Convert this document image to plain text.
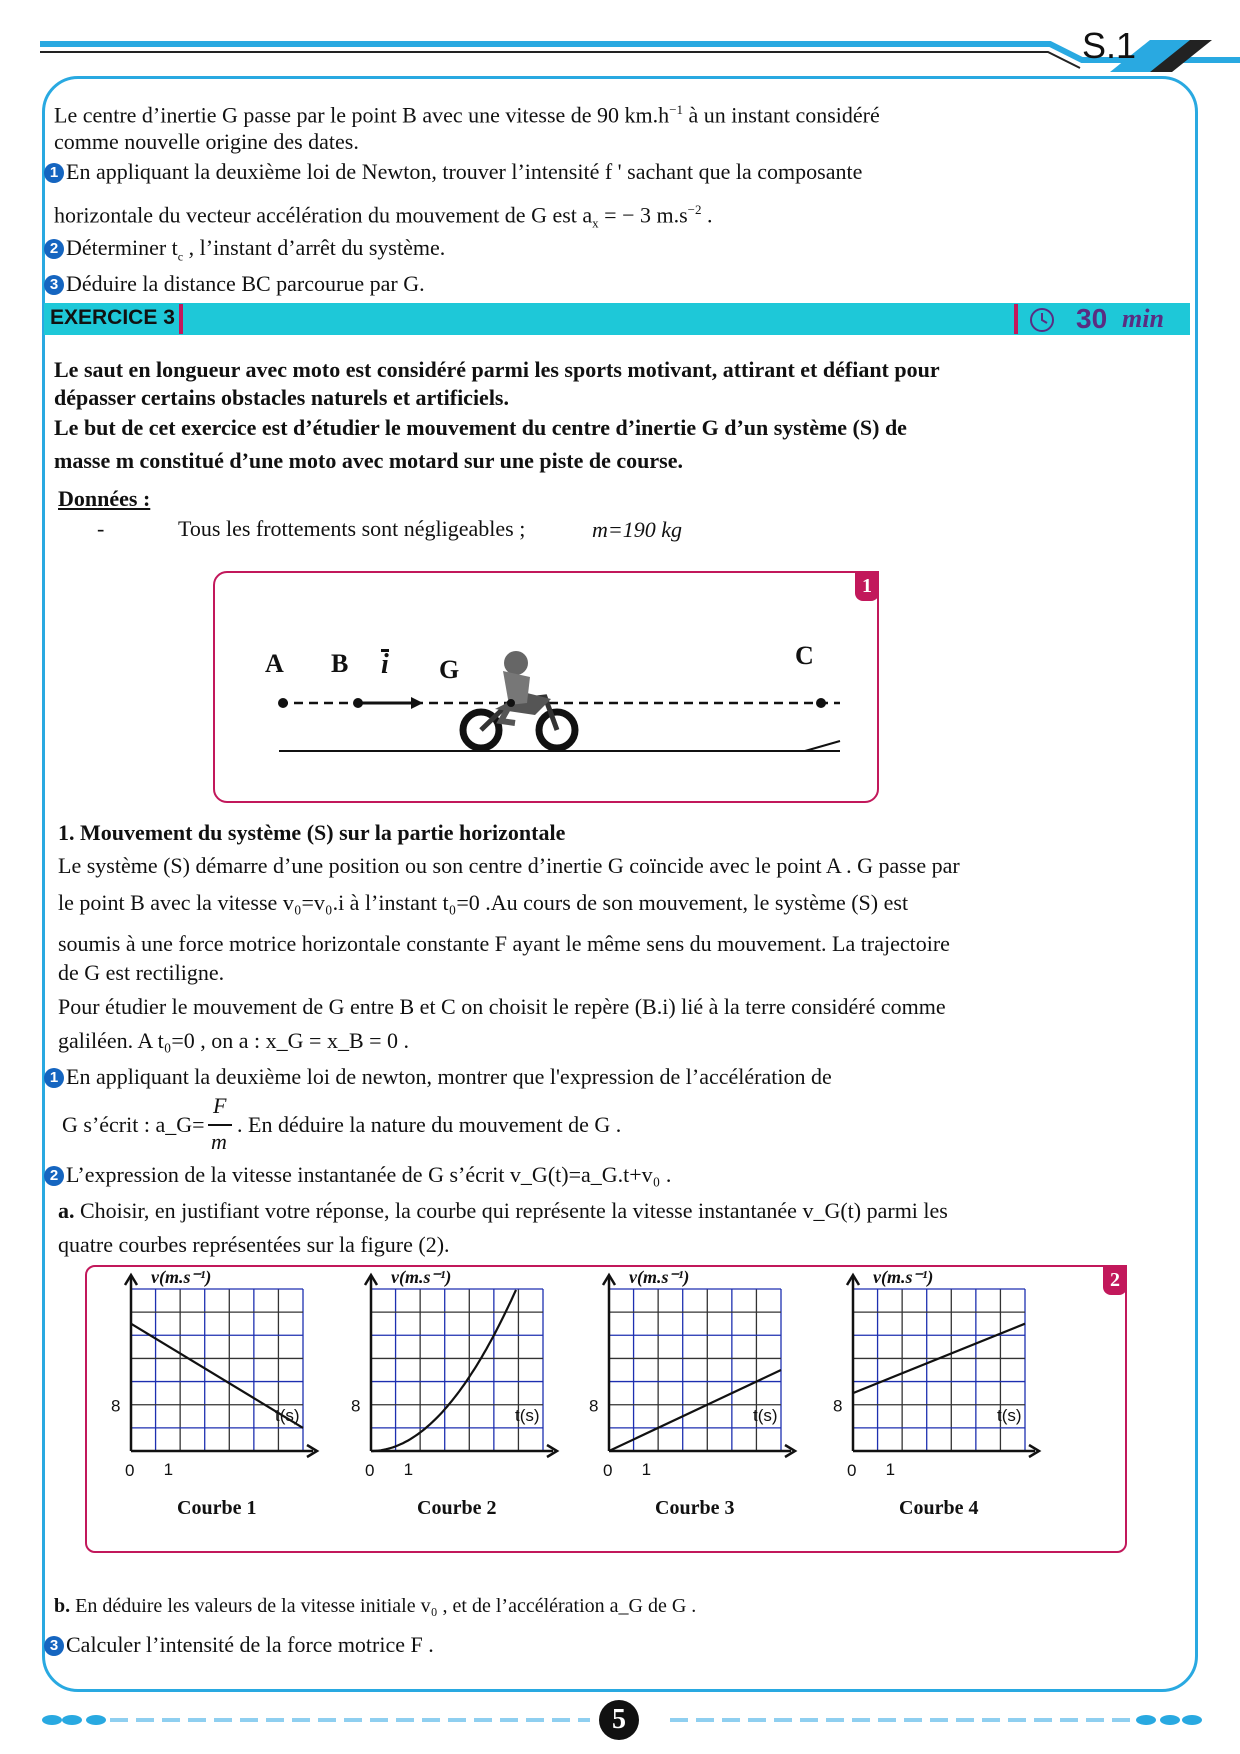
S.1
Le centre d’inertie G passe par le point B avec une vitesse de 90 $km.h^{-1}$ à un instant considéré
comme nouvelle origine des dates.
1 En appliquant la deuxième loi de Newton, trouver l’intensité f ' sachant que la composante
horizontale du vecteur accélération du mouvement de G est $a_x$ = − 3 $m.s^{-2}$ .
2 Déterminer $t_c$ , l’instant d’arrêt du système.
3 Déduire la distance BC parcourue par G.
EXERCICE 3	30 min
Le saut en longueur avec moto est considéré parmi les sports motivant, attirant et défiant pour
dépasser certains obstacles naturels et artificiels.
Le but de cet exercice est d’étudier le mouvement du centre d’inertie G d’un système (S) de
masse m constitué d’une moto avec motard sur une piste de course.
Données :
-	Tous les frottements sont négligeables ;	m=190 kg
1
A B i G	C
1. Mouvement du système (S) sur la partie horizontale
Le système (S) démarre d’une position ou son centre d’inertie G coïncide avec le point A . G passe par
le point B avec la vitesse v₀=v₀.i à l’instant t₀=0 .Au cours de son mouvement, le système (S) est
soumis à une force motrice horizontale constante F ayant le même sens du mouvement. La trajectoire
de G est rectiligne.
Pour étudier le mouvement de G entre B et C on choisit le repère (B.i) lié à la terre considéré comme
galiléen. A t₀=0 , on a : x_G = x_B = 0 .
1 En appliquant la deuxième loi de newton, montrer que l'expression de l’accélération de
F
m
G s’écrit : a_G= . En déduire la nature du mouvement de G .
2 L’expression de la vitesse instantanée de G s’écrit v_G(t)=a_G.t+v₀ .
a. Choisir, en justifiant votre réponse, la courbe qui représente la vitesse instantanée v_G(t) parmi les
quatre courbes représentées sur la figure (2).
2
v(m.s⁻¹)
t(s)
8
0 1
Courbe 1
v(m.s⁻¹)
t(s)
8
0 1
Courbe 2
v(m.s⁻¹)
t(s)
8
0 1
Courbe 3
v(m.s⁻¹)
t(s)
8
0 1
Courbe 4
b. En déduire les valeurs de la vitesse initiale v₀ , et de l’accélération a_G de G .
3 Calculer l’intensité de la force motrice F .
5
